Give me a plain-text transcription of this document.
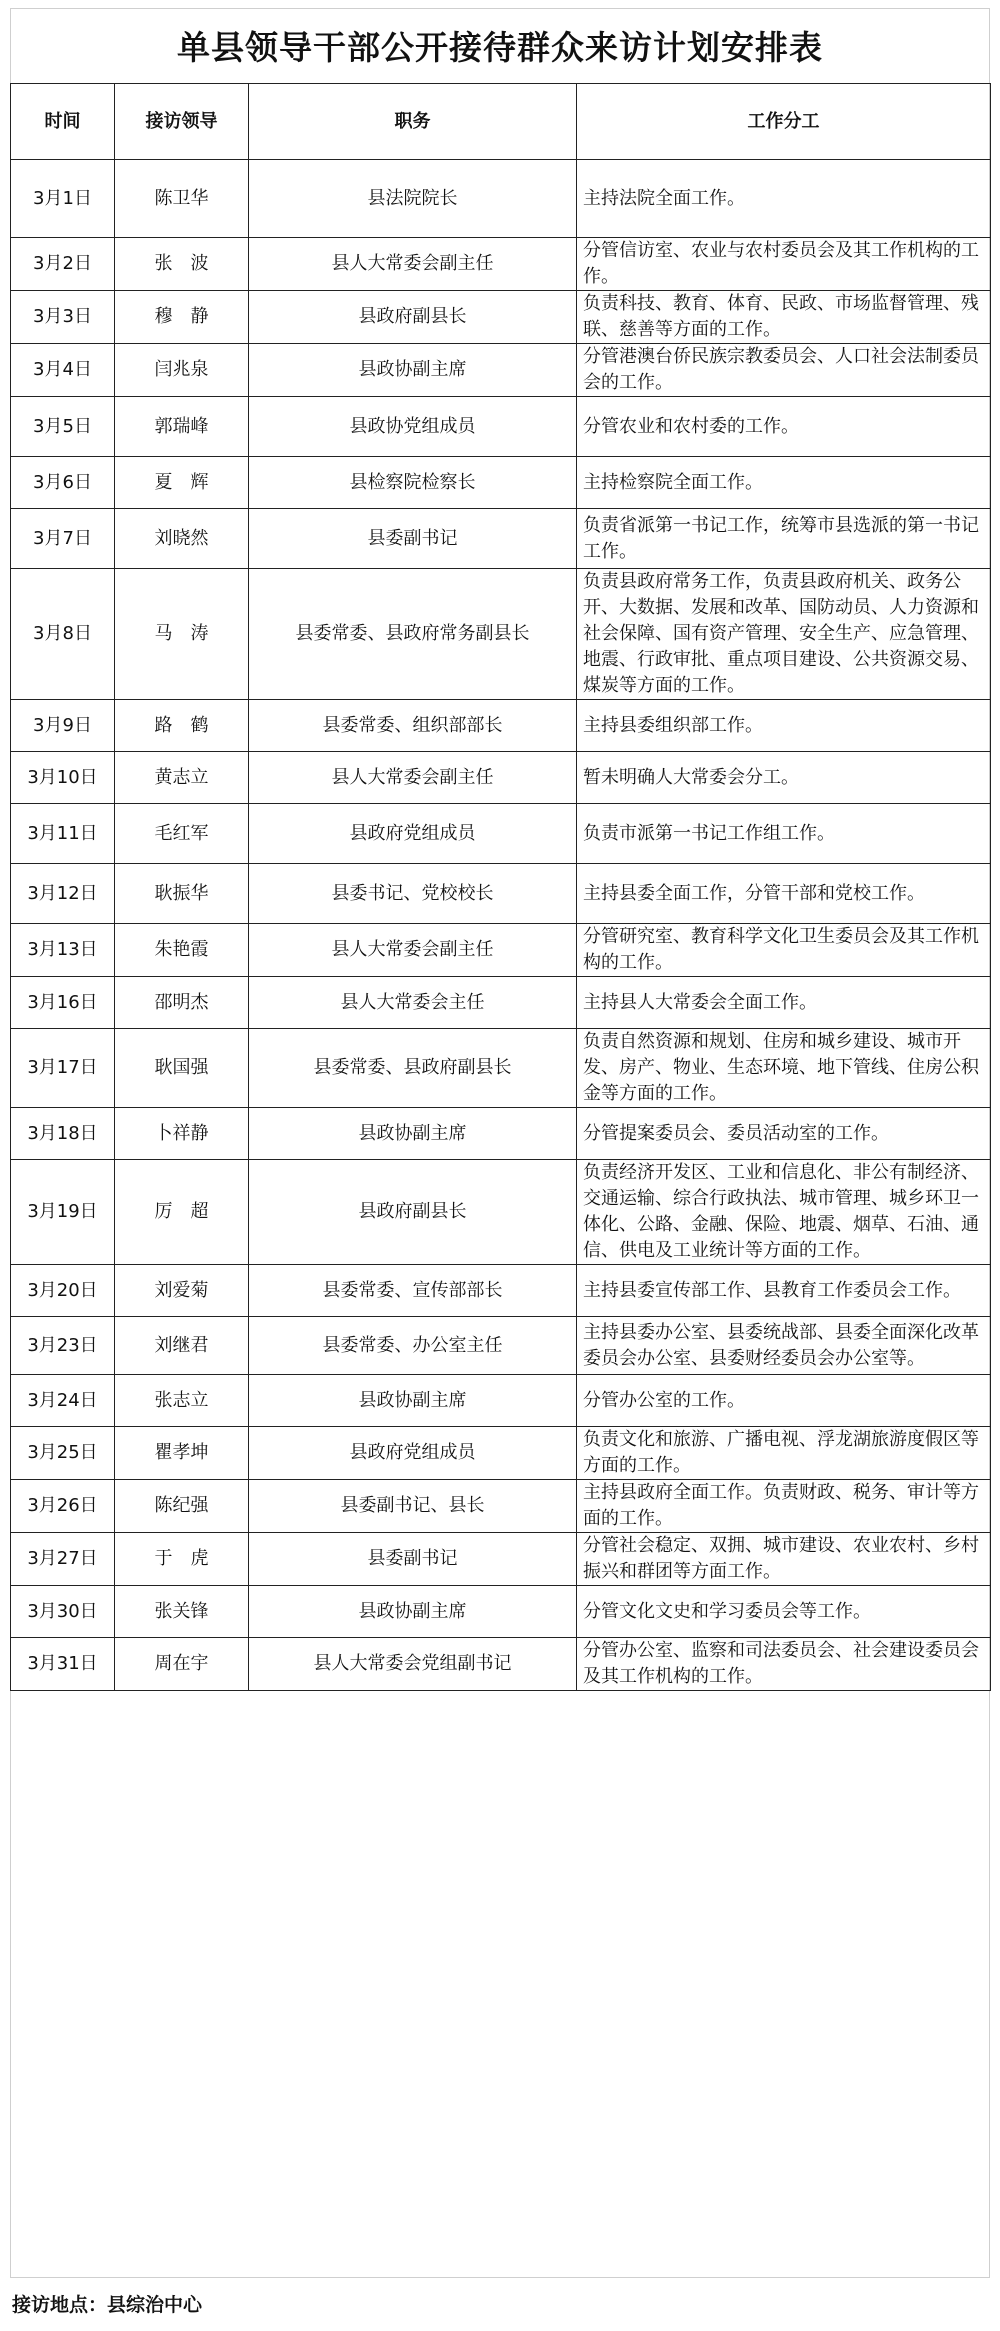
单县领导干部公开接待群众来访计划安排表
时间	接访领导	职务	工作分工
3月1日	陈卫华	县法院院长	主持法院全面工作。
3月2日	张　波	县人大常委会副主任	分管信访室、农业与农村委员会及其工作机构的工作。
3月3日	穆　静	县政府副县长	负责科技、教育、体育、民政、市场监督管理、残联、慈善等方面的工作。
3月4日	闫兆泉	县政协副主席	分管港澳台侨民族宗教委员会、人口社会法制委员会的工作。
3月5日	郭瑞峰	县政协党组成员	分管农业和农村委的工作。
3月6日	夏　辉	县检察院检察长	主持检察院全面工作。
3月7日	刘晓然	县委副书记	负责省派第一书记工作，统筹市县选派的第一书记工作。
3月8日	马　涛	县委常委、县政府常务副县长	负责县政府常务工作，负责县政府机关、政务公开、大数据、发展和改革、国防动员、人力资源和社会保障、国有资产管理、安全生产、应急管理、地震、行政审批、重点项目建设、公共资源交易、煤炭等方面的工作。
3月9日	路　鹤	县委常委、组织部部长	主持县委组织部工作。
3月10日	黄志立	县人大常委会副主任	暂未明确人大常委会分工。
3月11日	毛红军	县政府党组成员	负责市派第一书记工作组工作。
3月12日	耿振华	县委书记、党校校长	主持县委全面工作，分管干部和党校工作。
3月13日	朱艳霞	县人大常委会副主任	分管研究室、教育科学文化卫生委员会及其工作机构的工作。
3月16日	邵明杰	县人大常委会主任	主持县人大常委会全面工作。
3月17日	耿国强	县委常委、县政府副县长	负责自然资源和规划、住房和城乡建设、城市开发、房产、物业、生态环境、地下管线、住房公积金等方面的工作。
3月18日	卜祥静	县政协副主席	分管提案委员会、委员活动室的工作。
3月19日	厉　超	县政府副县长	负责经济开发区、工业和信息化、非公有制经济、交通运输、综合行政执法、城市管理、城乡环卫一体化、公路、金融、保险、地震、烟草、石油、通信、供电及工业统计等方面的工作。
3月20日	刘爱菊	县委常委、宣传部部长	主持县委宣传部工作、县教育工作委员会工作。
3月23日	刘继君	县委常委、办公室主任	主持县委办公室、县委统战部、县委全面深化改革委员会办公室、县委财经委员会办公室等。
3月24日	张志立	县政协副主席	分管办公室的工作。
3月25日	瞿孝坤	县政府党组成员	负责文化和旅游、广播电视、浮龙湖旅游度假区等方面的工作。
3月26日	陈纪强	县委副书记、县长	主持县政府全面工作。负责财政、税务、审计等方面的工作。
3月27日	于　虎	县委副书记	分管社会稳定、双拥、城市建设、农业农村、乡村振兴和群团等方面工作。
3月30日	张关锋	县政协副主席	分管文化文史和学习委员会等工作。
3月31日	周在宇	县人大常委会党组副书记	分管办公室、监察和司法委员会、社会建设委员会及其工作机构的工作。
接访地点：县综治中心
